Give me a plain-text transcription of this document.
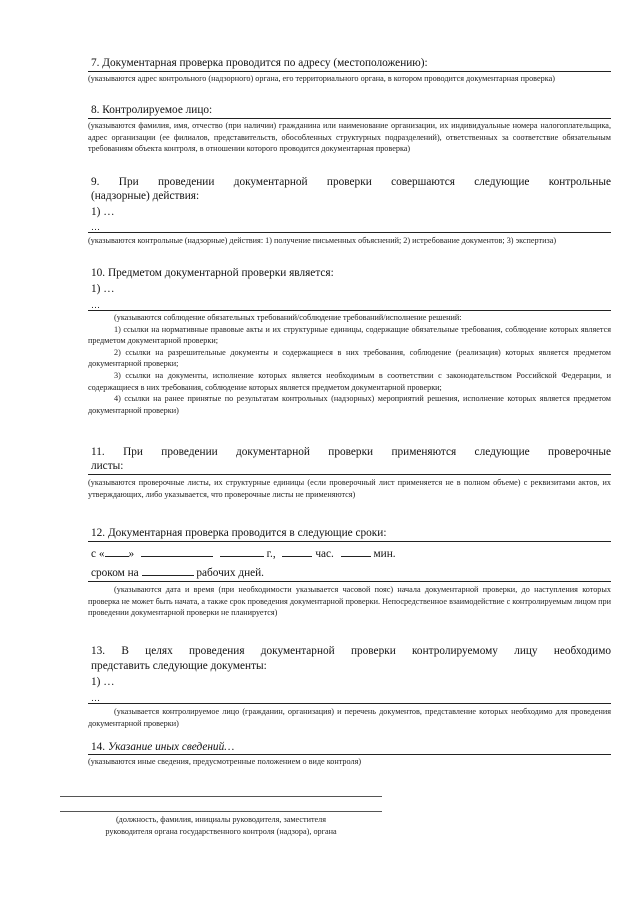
7. Документарная проверка проводится по адресу (местоположению):
(указываются адрес контрольного (надзорного) органа, его территориального органа, в котором проводится документарная проверка)
8. Контролируемое лицо:
(указываются фамилия, имя, отчество (при наличии) гражданина или наименование организации, их индивидуальные номера налогоплательщика, адрес организации (ее филиалов, представительств, обособленных структурных подразделений), ответственных за соответствие обязательным требованиям объекта контроля, в отношении которого проводится документарная проверка)
9. При проведении документарной проверки совершаются следующие контрольные
(надзорные) действия:
1) …
…
(указываются контрольные (надзорные) действия: 1) получение письменных объяснений; 2) истребование документов; 3) экспертиза)
10. Предметом документарной проверки является:
1) …
…
(указываются соблюдение обязательных требований/соблюдение требований/исполнение решений:
1) ссылки на нормативные правовые акты и их структурные единицы, содержащие обязательные требования, соблюдение которых является предметом документарной проверки;
2) ссылки на разрешительные документы и содержащиеся в них требования, соблюдение (реализация) которых является предметом документарной проверки;
3) ссылки на документы, исполнение которых является необходимым в соответствии с законодательством Российской Федерации, и содержащиеся в них требования, соблюдение которых является предметом документарной проверки;
4) ссылки на ранее принятые по результатам контрольных (надзорных) мероприятий решения, исполнение которых является предметом документарной проверки)
11. При проведении документарной проверки применяются следующие проверочные
листы:
(указываются проверочные листы, их структурные единицы (если проверочный лист применяется не в полном объеме) с реквизитами актов, их утверждающих, либо указывается, что проверочные листы не применяются)
12. Документарная проверка проводится в следующие сроки:
с « »	г.,	час.	мин.
сроком на	рабочих дней.
(указываются дата и время (при необходимости указывается часовой пояс) начала документарной проверки, до наступления которых проверка не может быть начата, а также срок проведения документарной проверки. Непосредственное взаимодействие с контролируемым лицом при проведении документарной проверки не планируется)
13. В целях проведения документарной проверки контролируемому лицу необходимо
представить следующие документы:
1) …
…
(указывается контролируемое лицо (гражданин, организация) и перечень документов, представление которых необходимо для проведения документарной проверки)
14. Указание иных сведений…
(указываются иные сведения, предусмотренные положением о виде контроля)
(должность, фамилия, инициалы руководителя, заместителя
руководителя органа государственного контроля (надзора), органа
